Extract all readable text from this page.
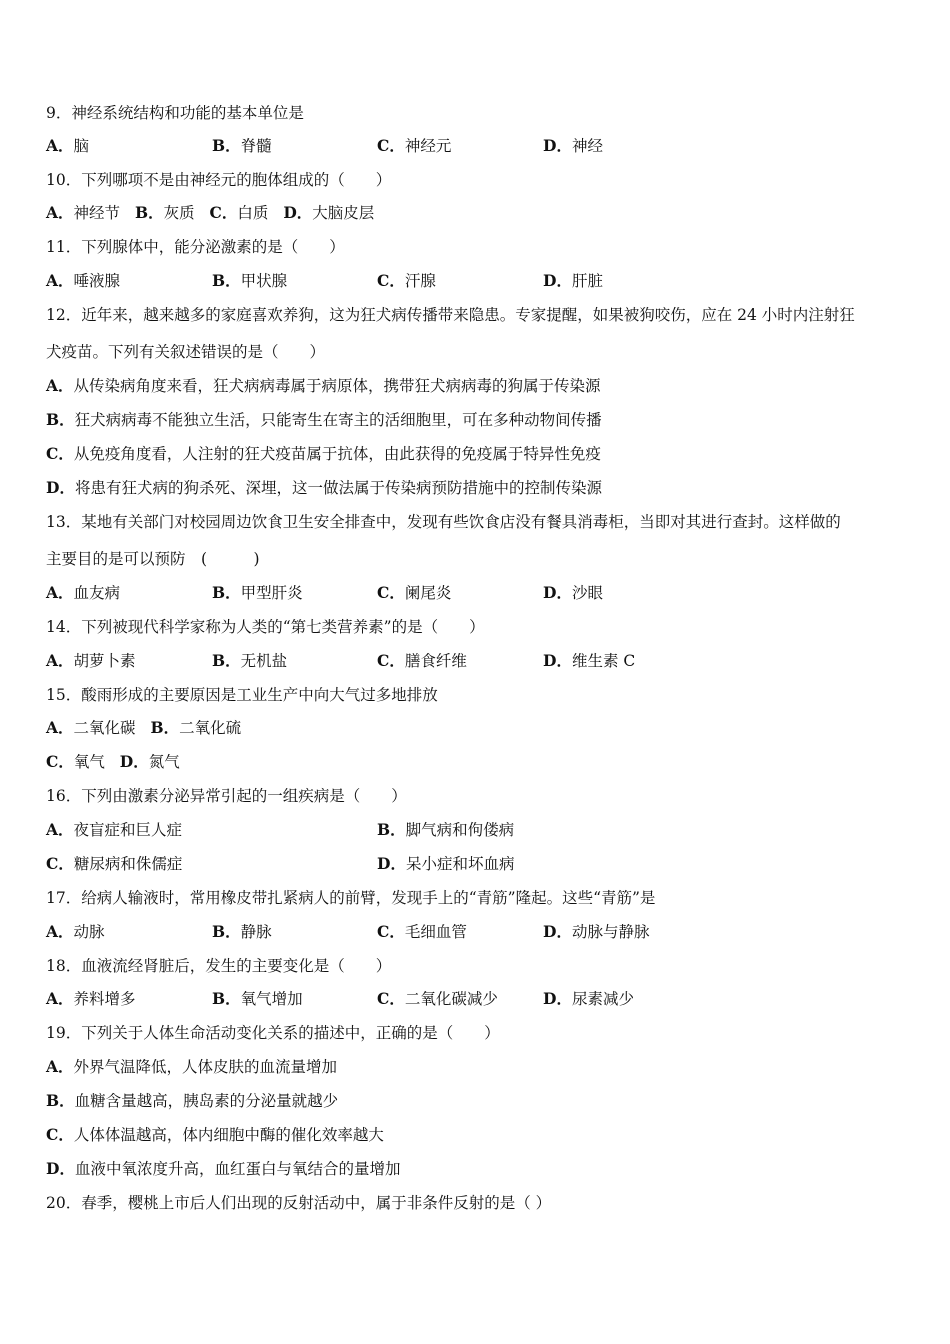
9．神经系统结构和功能的基本单位是
A．脑	B．脊髓	C．神经元	D．神经
10．下列哪项不是由神经元的胞体组成的（　　）
A．神经节 B．灰质 C．白质 D．大脑皮层
11．下列腺体中，能分泌激素的是（　　）
A．唾液腺	B．甲状腺	C．汗腺	D．肝脏
12．近年来，越来越多的家庭喜欢养狗，这为狂犬病传播带来隐患。专家提醒，如果被狗咬伤，应在 24 小时内注射狂
犬疫苗。下列有关叙述错误的是（　　）
A．从传染病角度来看，狂犬病病毒属于病原体，携带狂犬病病毒的狗属于传染源
B．狂犬病病毒不能独立生活，只能寄生在寄主的活细胞里，可在多种动物间传播
C．从免疫角度看，人注射的狂犬疫苗属于抗体，由此获得的免疫属于特异性免疫
D．将患有狂犬病的狗杀死、深埋，这一做法属于传染病预防措施中的控制传染源
13．某地有关部门对校园周边饮食卫生安全排查中，发现有些饮食店没有餐具消毒柜，当即对其进行查封。这样做的
主要目的是可以预防　(　　　)
A．血友病	B．甲型肝炎	C．阑尾炎	D．沙眼
14．下列被现代科学家称为人类的“第七类营养素”的是（　　）
A．胡萝卜素	B．无机盐	C．膳食纤维	D．维生素 C
15．酸雨形成的主要原因是工业生产中向大气过多地排放
A．二氧化碳 B．二氧化硫
C．氧气 D．氮气
16．下列由激素分泌异常引起的一组疾病是（　　）
A．夜盲症和巨人症	B．脚气病和佝偻病
C．糖尿病和侏儒症	D．呆小症和坏血病
17．给病人输液时，常用橡皮带扎紧病人的前臂，发现手上的“青筋”隆起。这些“青筋”是
A．动脉	B．静脉	C．毛细血管	D．动脉与静脉
18．血液流经肾脏后，发生的主要变化是（　　）
A．养料增多	B．氧气增加	C．二氧化碳减少	D．尿素减少
19．下列关于人体生命活动变化关系的描述中，正确的是（　　）
A．外界气温降低，人体皮肤的血流量增加
B．血糖含量越高，胰岛素的分泌量就越少
C．人体体温越高，体内细胞中酶的催化效率越大
D．血液中氧浓度升高，血红蛋白与氧结合的量增加
20．春季，樱桃上市后人们出现的反射活动中，属于非条件反射的是（ ）
